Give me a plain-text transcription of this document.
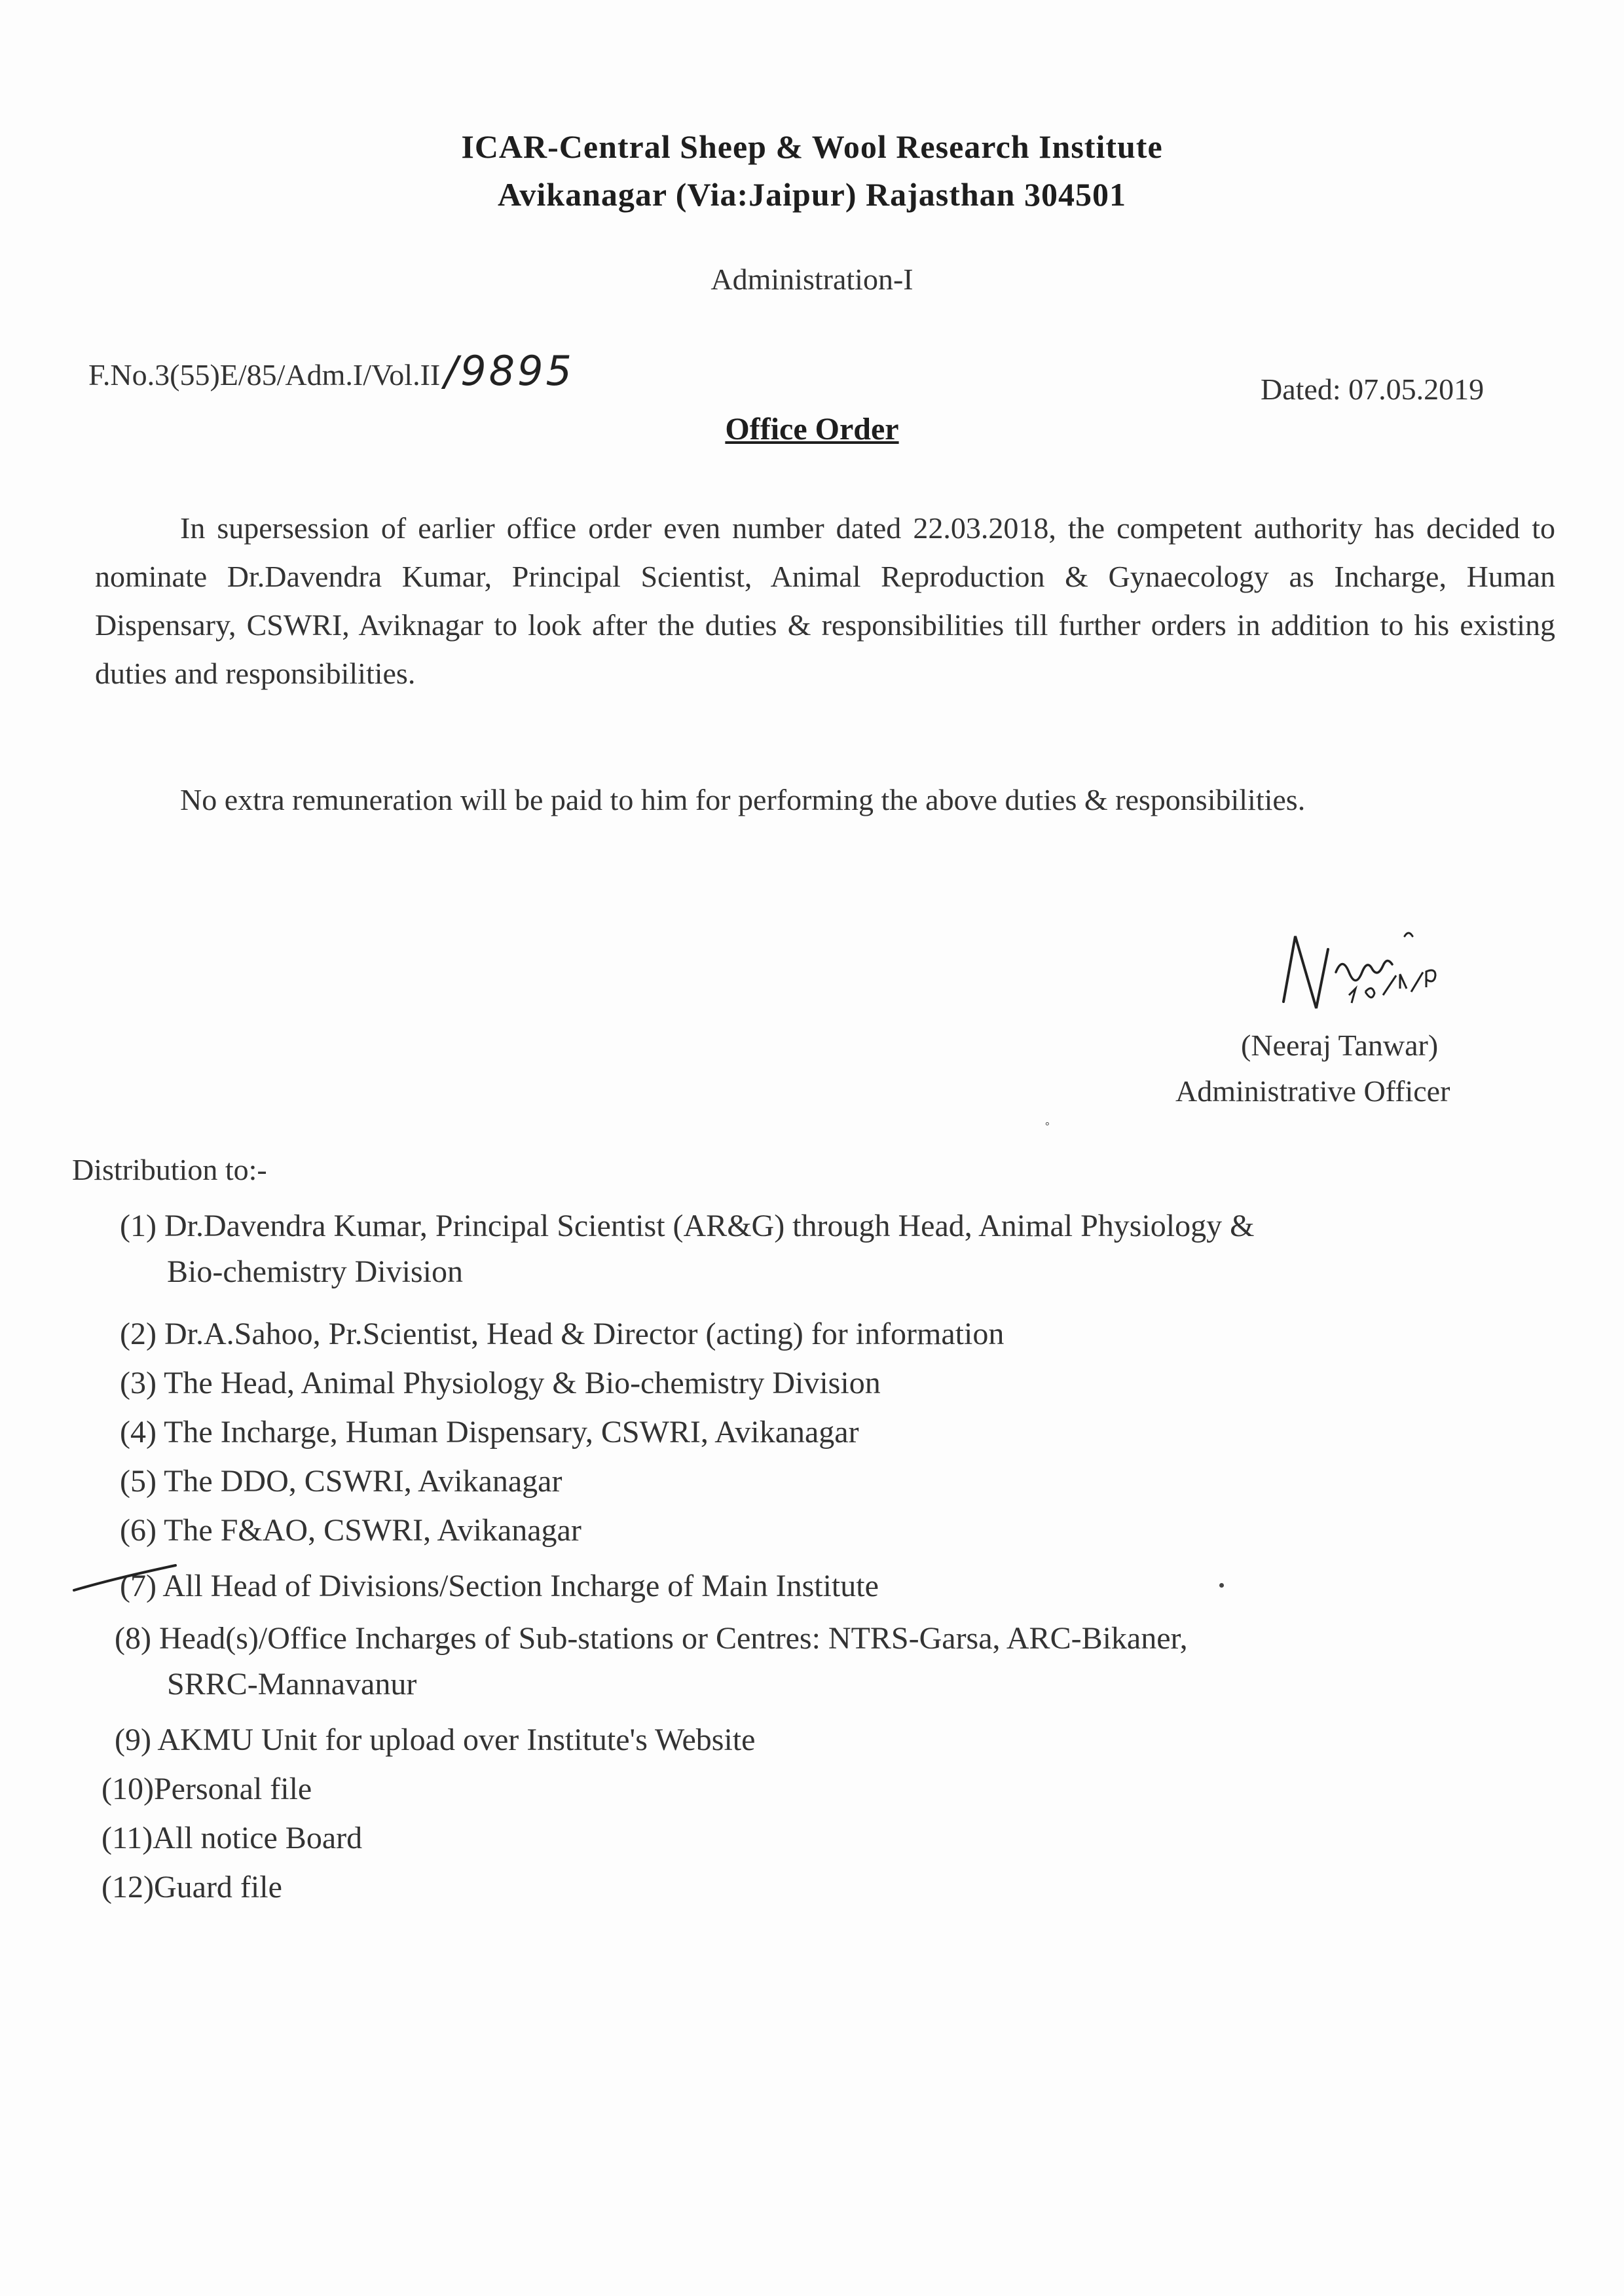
ICAR-Central Sheep & Wool Research Institute
Avikanagar (Via:Jaipur) Rajasthan 304501
Administration-I
F.No.3(55)E/85/Adm.I/Vol.II/9895	Dated: 07.05.2019
Office Order
In supersession of earlier office order even number dated 22.03.2018, the competent authority has decided to nominate Dr.Davendra Kumar, Principal Scientist, Animal Reproduction & Gynaecology as Incharge, Human Dispensary, CSWRI, Aviknagar to look after the duties & responsibilities till further orders in addition to his existing duties and responsibilities.
No extra remuneration will be paid to him for performing the above duties & responsibilities.
(Neeraj Tanwar)
Administrative Officer
˚
Distribution to:-
(1) Dr.Davendra Kumar, Principal Scientist (AR&G) through Head, Animal Physiology &
Bio-chemistry Division
(2) Dr.A.Sahoo, Pr.Scientist, Head & Director (acting) for information
(3) The Head, Animal Physiology & Bio-chemistry Division
(4) The Incharge, Human Dispensary, CSWRI, Avikanagar
(5) The DDO, CSWRI, Avikanagar
(6) The F&AO, CSWRI, Avikanagar
(7) All Head of Divisions/Section Incharge of Main Institute
(8) Head(s)/Office Incharges of Sub-stations or Centres: NTRS-Garsa, ARC-Bikaner,
SRRC-Mannavanur
(9) AKMU Unit for upload over Institute's Website
(10)Personal file
(11)All notice Board
(12)Guard file
